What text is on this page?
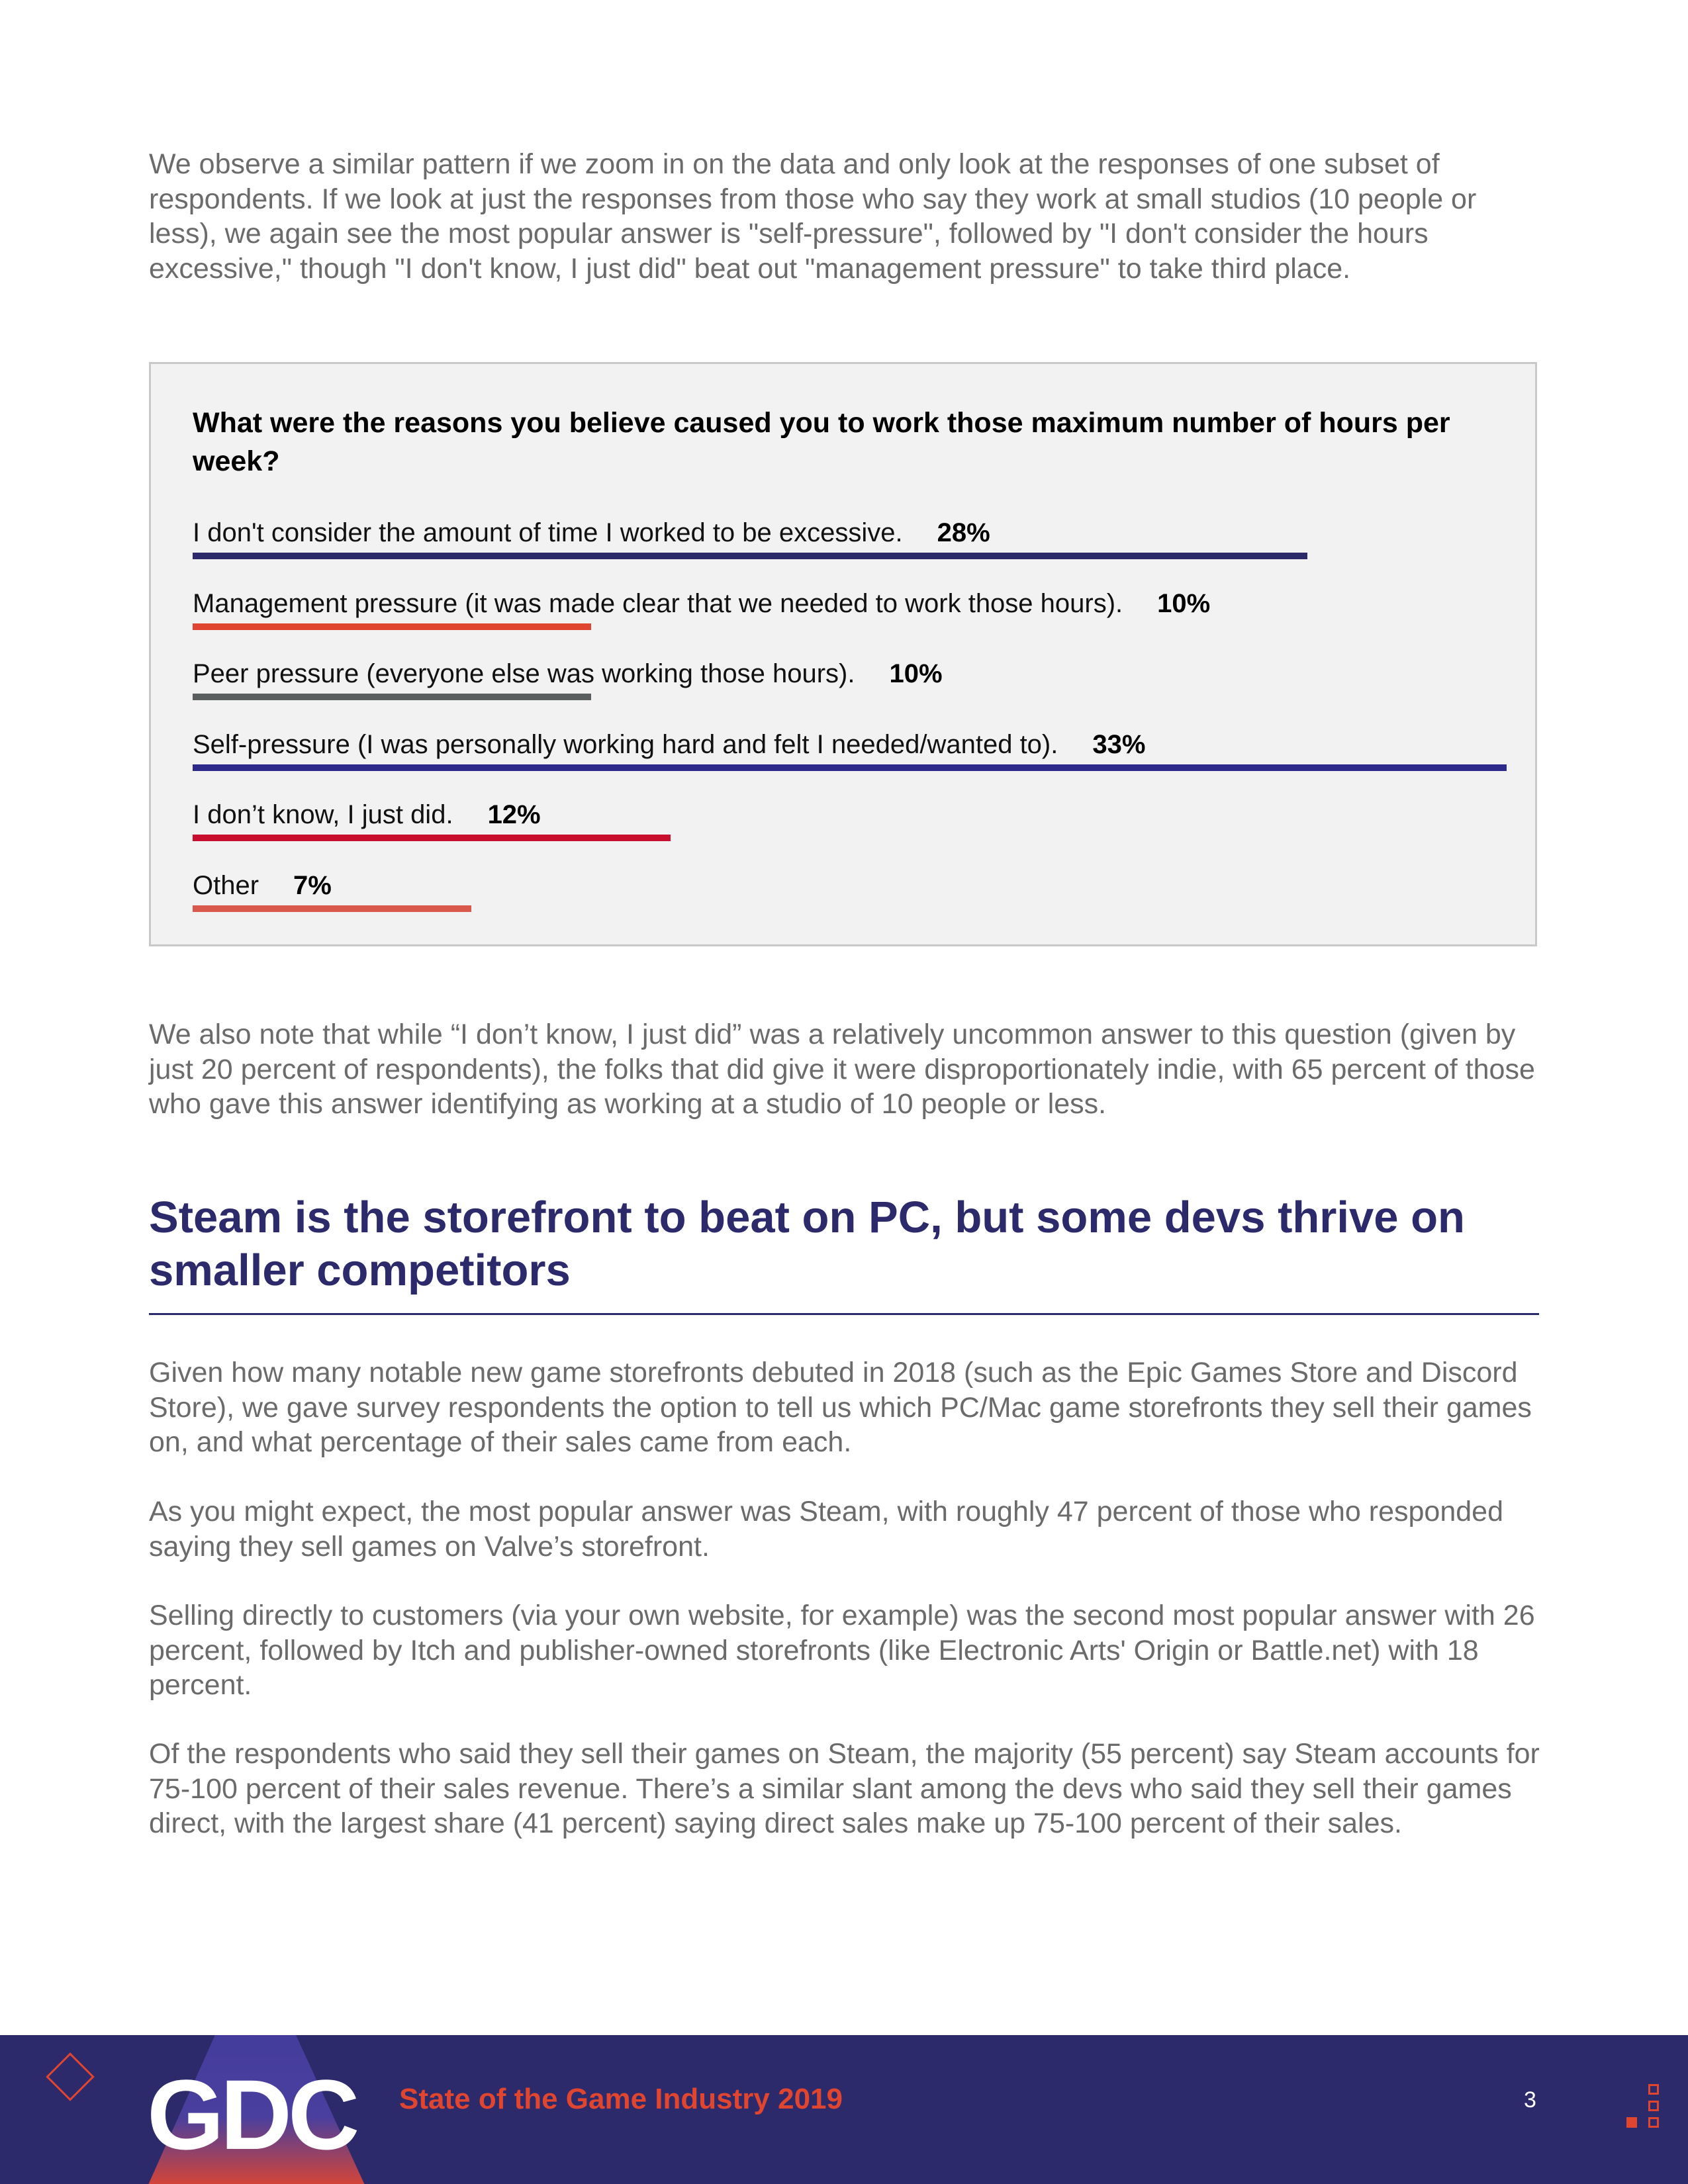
We observe a similar pattern if we zoom in on the data and only look at the responses of one subset of respondents. If we look at just the responses from those who say they work at small studios (10 people or less), we again see the most popular answer is "self-pressure", followed by "I don't consider the hours excessive," though "I don't know, I just did" beat out "management pressure" to take third place.

What were the reasons you believe caused you to work those maximum number of hours per week?

I don't consider the amount of time I worked to be excessive. 28%
Management pressure (it was made clear that we needed to work those hours). 10%
Peer pressure (everyone else was working those hours). 10%
Self-pressure (I was personally working hard and felt I needed/wanted to). 33%
I don’t know, I just did. 12%
Other 7%

We also note that while “I don’t know, I just did” was a relatively uncommon answer to this question (given by just 20 percent of respondents), the folks that did give it were disproportionately indie, with 65 percent of those who gave this answer identifying as working at a studio of 10 people or less.

Steam is the storefront to beat on PC, but some devs thrive on smaller competitors

Given how many notable new game storefronts debuted in 2018 (such as the Epic Games Store and Discord Store), we gave survey respondents the option to tell us which PC/Mac game storefronts they sell their games on, and what percentage of their sales came from each.

As you might expect, the most popular answer was Steam, with roughly 47 percent of those who responded saying they sell games on Valve’s storefront.

Selling directly to customers (via your own website, for example) was the second most popular answer with 26 percent, followed by Itch and publisher-owned storefronts (like Electronic Arts' Origin or Battle.net) with 18 percent.

Of the respondents who said they sell their games on Steam, the majority (55 percent) say Steam accounts for 75-100 percent of their sales revenue. There’s a similar slant among the devs who said they sell their games direct, with the largest share (41 percent) saying direct sales make up 75-100 percent of their sales.

GDC State of the Game Industry 2019	3
